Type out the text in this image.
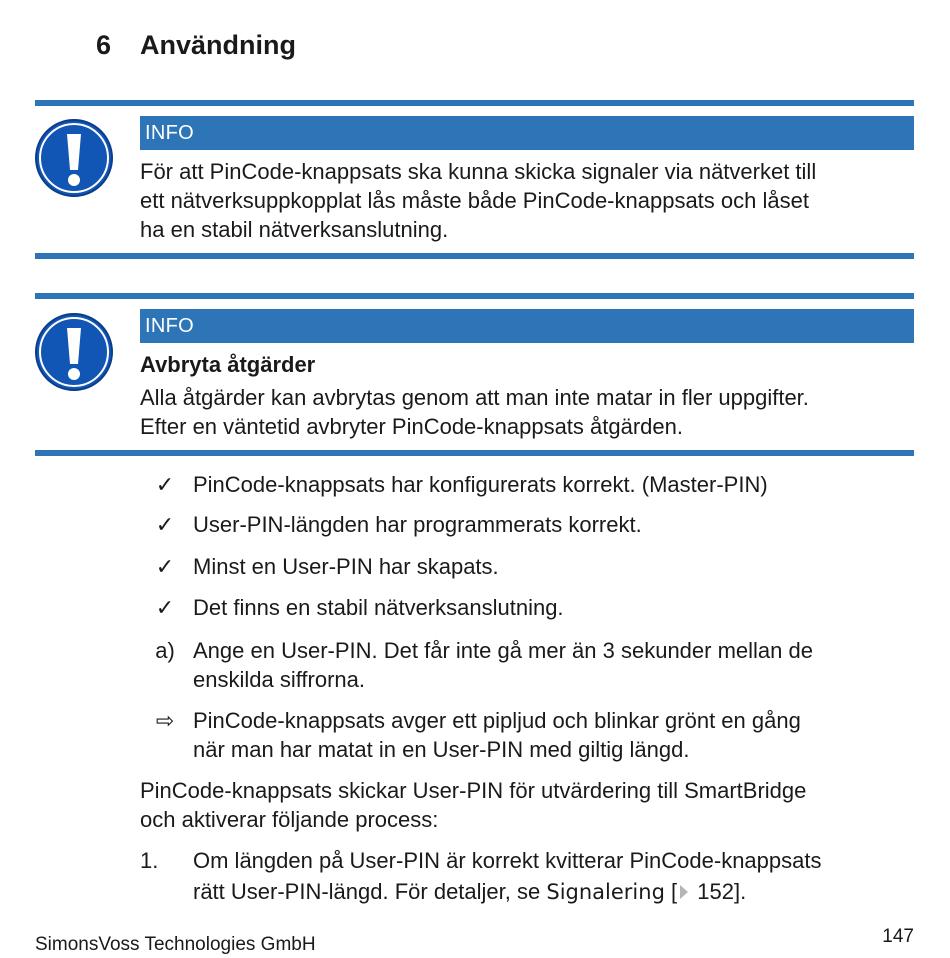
6 Användning
INFO
För att PinCode-knappsats ska kunna skicka signaler via nätverket till
ett nätverksuppkopplat lås måste både PinCode-knappsats och låset
ha en stabil nätverksanslutning.
INFO
Avbryta åtgärder
Alla åtgärder kan avbrytas genom att man inte matar in fler uppgifter.
Efter en väntetid avbryter PinCode-knappsats åtgärden.
✓ PinCode-knappsats har konfigurerats korrekt. (Master-PIN)
✓ User-PIN-längden har programmerats korrekt.
✓ Minst en User-PIN har skapats.
✓ Det finns en stabil nätverksanslutning.
a) Ange en User-PIN. Det får inte gå mer än 3 sekunder mellan de
enskilda siffrorna.
⇨ PinCode-knappsats avger ett pipljud och blinkar grönt en gång
när man har matat in en User-PIN med giltig längd.
PinCode-knappsats skickar User-PIN för utvärdering till SmartBridge
och aktiverar följande process:
1.	Om längden på User-PIN är korrekt kvitterar PinCode-knappsats
rätt User-PIN-längd. För detaljer, se Signalering [ 152].
SimonsVoss Technologies GmbH	147
